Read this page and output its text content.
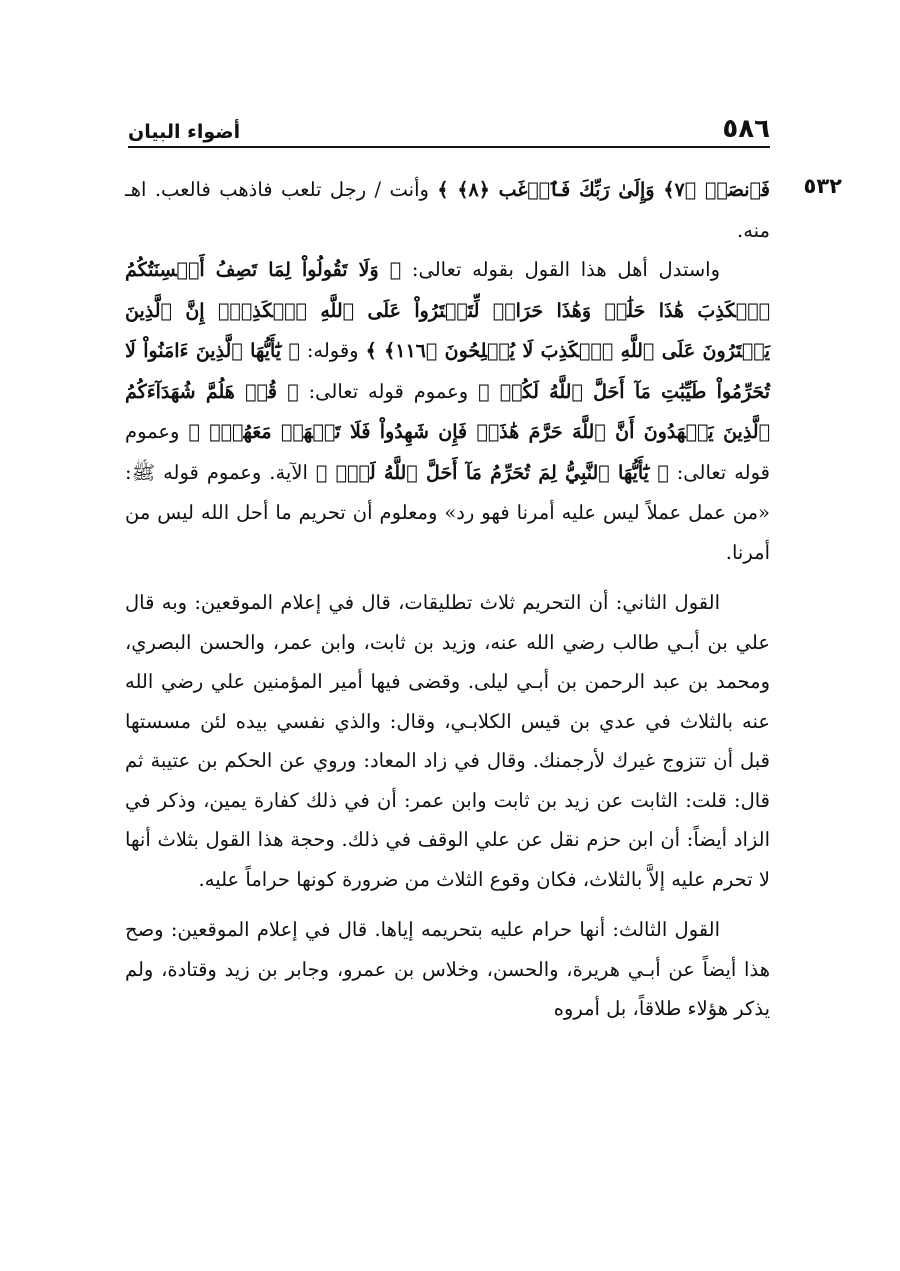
٥٨٦
أضواء البيان
٥٣٢

فَٱنصَبۡ ﴿٧﴾ وَإِلَىٰ رَبِّكَ فَٱرۡغَب ﴿٨﴾ ﴾ وأنت / رجل تلعب فاذهب فالعب. اهـ منه.

واستدل أهل هذا القول بقوله تعالى: ﴿ وَلَا تَقُولُواْ لِمَا تَصِفُ أَلۡسِنَتُكُمُ ٱلۡكَذِبَ هَٰذَا حَلَٰلٞ وَهَٰذَا حَرَامٞ لِّتَفۡتَرُواْ عَلَى ٱللَّهِ ٱلۡكَذِبَۚ إِنَّ ٱلَّذِينَ يَفۡتَرُونَ عَلَى ٱللَّهِ ٱلۡكَذِبَ لَا يُفۡلِحُونَ ﴿١١٦﴾ ﴾ وقوله: ﴿ يَٰٓأَيُّهَا ٱلَّذِينَ ءَامَنُواْ لَا تُحَرِّمُواْ طَيِّبَٰتِ مَآ أَحَلَّ ٱللَّهُ لَكُمۡ ﴾ وعموم قوله تعالى: ﴿ قُلۡ هَلُمَّ شُهَدَآءَكُمُ ٱلَّذِينَ يَشۡهَدُونَ أَنَّ ٱللَّهَ حَرَّمَ هَٰذَاۖ فَإِن شَهِدُواْ فَلَا تَشۡهَدۡ مَعَهُمۡۚ ﴾ وعموم قوله تعالى: ﴿ يَٰٓأَيُّهَا ٱلنَّبِيُّ لِمَ تُحَرِّمُ مَآ أَحَلَّ ٱللَّهُ لَكَۖ ﴾ الآية. وعموم قوله ﷺ: «من عمل عملاً ليس عليه أمرنا فهو رد» ومعلوم أن تحريم ما أحل الله ليس من أمرنا.

القول الثاني: أن التحريم ثلاث تطليقات، قال في إعلام الموقعين: وبه قال علي بن أبـي طالب رضي الله عنه، وزيد بن ثابت، وابن عمر، والحسن البصري، ومحمد بن عبد الرحمن بن أبـي ليلى. وقضى فيها أمير المؤمنين علي رضي الله عنه بالثلاث في عدي بن قيس الكلابـي، وقال: والذي نفسي بيده لئن مسستها قبل أن تتزوج غيرك لأرجمنك. وقال في زاد المعاد: وروي عن الحكم بن عتيبة ثم قال: قلت: الثابت عن زيد بن ثابت وابن عمر: أن في ذلك كفارة يمين، وذكر في الزاد أيضاً: أن ابن حزم نقل عن علي الوقف في ذلك. وحجة هذا القول بثلاث أنها لا تحرم عليه إلاَّ بالثلاث، فكان وقوع الثلاث من ضرورة كونها حراماً عليه.

القول الثالث: أنها حرام عليه بتحريمه إياها. قال في إعلام الموقعين: وصح هذا أيضاً عن أبـي هريرة، والحسن، وخلاس بن عمرو، وجابر بن زيد وقتادة، ولم يذكر هؤلاء طلاقاً، بل أمروه
